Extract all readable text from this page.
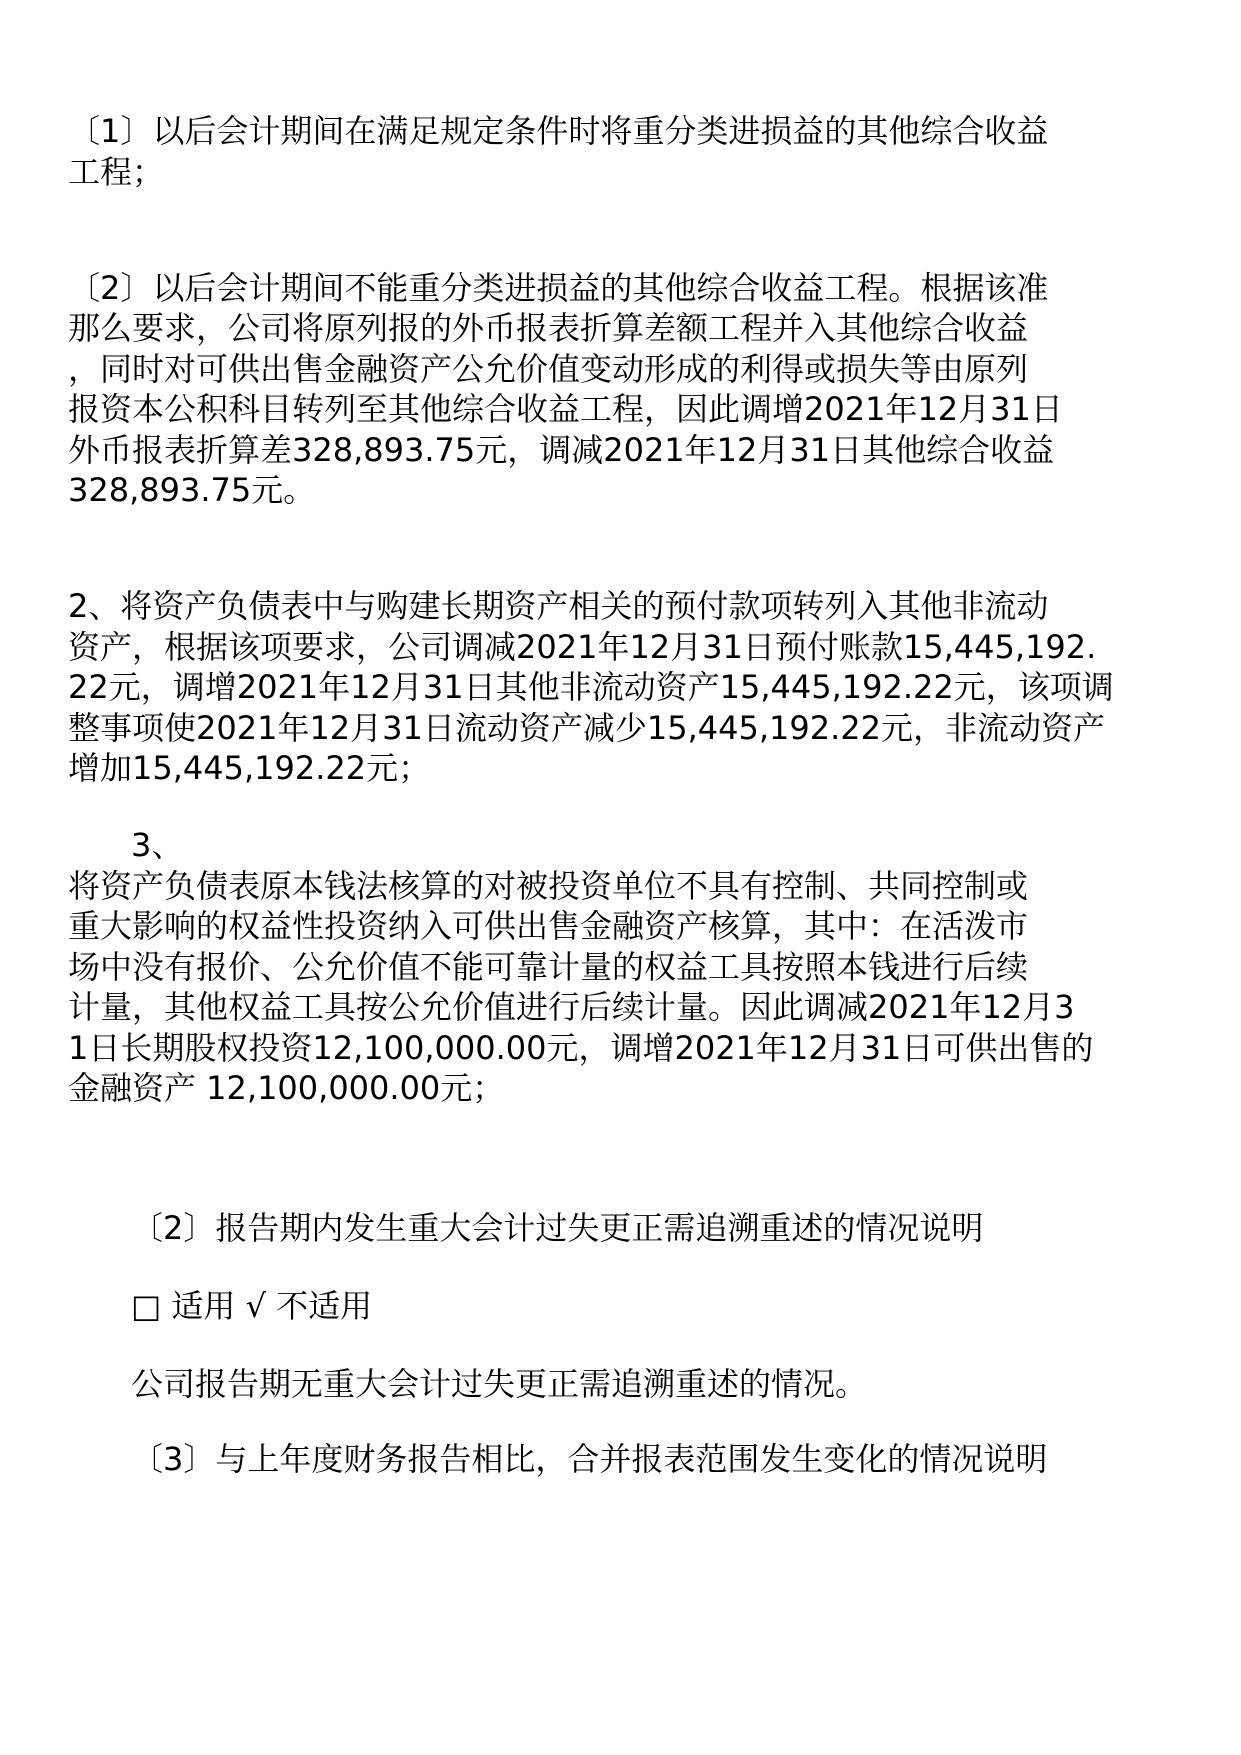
〔1〕以后会计期间在满足规定条件时将重分类进损益的其他综合收益
工程；
〔2〕以后会计期间不能重分类进损益的其他综合收益工程。根据该准
那么要求，公司将原列报的外币报表折算差额工程并入其他综合收益
，同时对可供出售金融资产公允价值变动形成的利得或损失等由原列
报资本公积科目转列至其他综合收益工程，因此调增2021年12月31日
外币报表折算差328,893.75元，调减2021年12月31日其他综合收益
328,893.75元。
2、将资产负债表中与购建长期资产相关的预付款项转列入其他非流动
资产，根据该项要求，公司调减2021年12月31日预付账款15,445,192.
22元，调增2021年12月31日其他非流动资产15,445,192.22元，该项调
整事项使2021年12月31日流动资产减少15,445,192.22元，非流动资产
增加15,445,192.22元；
3、
将资产负债表原本钱法核算的对被投资单位不具有控制、共同控制或
重大影响的权益性投资纳入可供出售金融资产核算，其中：在活泼市
场中没有报价、公允价值不能可靠计量的权益工具按照本钱进行后续
计量，其他权益工具按公允价值进行后续计量。因此调减2021年12月3
1日长期股权投资12,100,000.00元，调增2021年12月31日可供出售的
金融资产 12,100,000.00元；
〔2〕报告期内发生重大会计过失更正需追溯重述的情况说明
□ 适用 √ 不适用
公司报告期无重大会计过失更正需追溯重述的情况。
〔3〕与上年度财务报告相比，合并报表范围发生变化的情况说明
